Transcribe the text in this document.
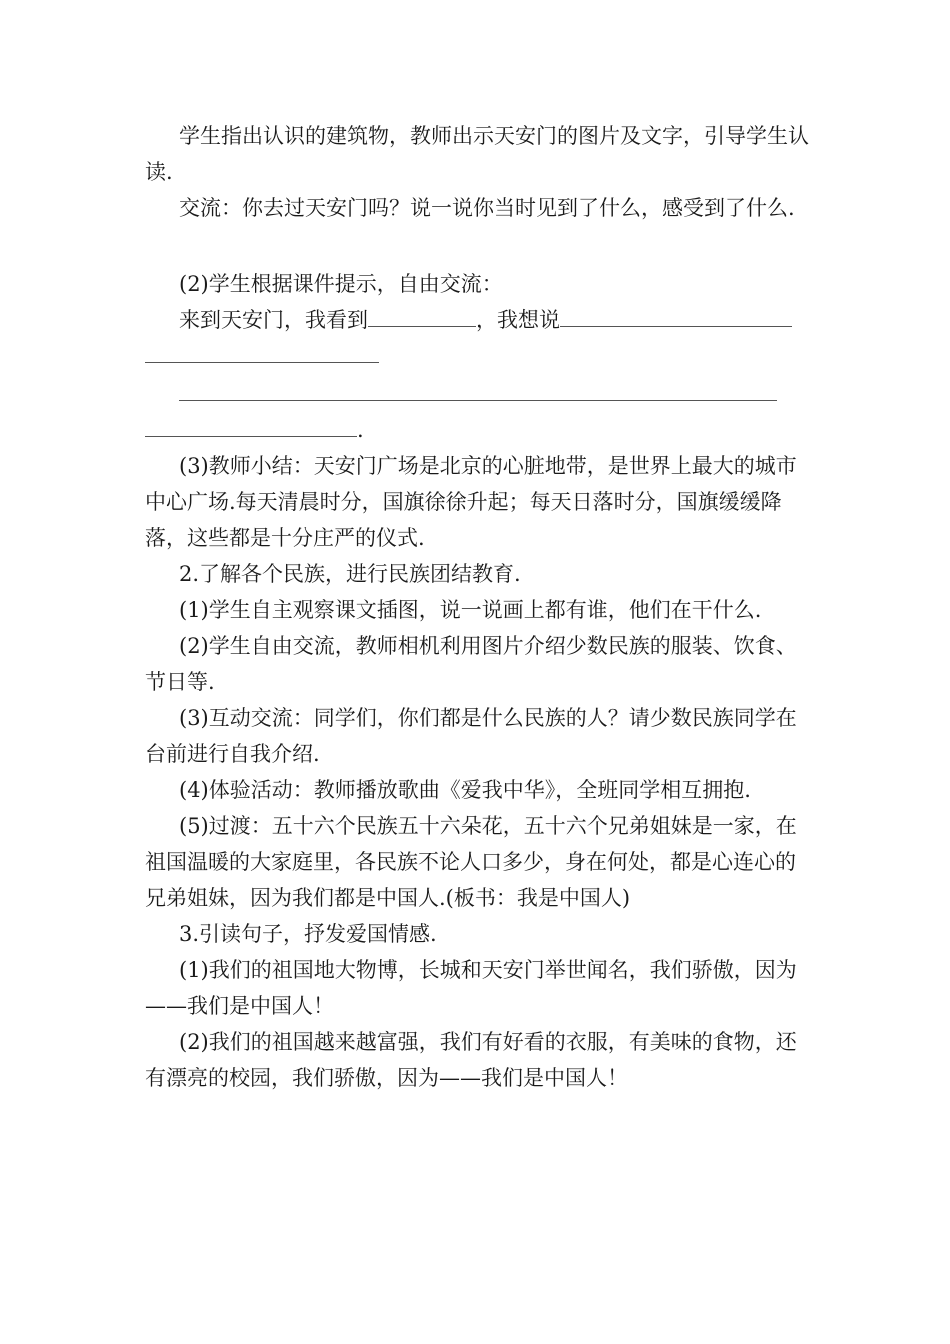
学生指出认识的建筑物，教师出示天安门的图片及文字，引导学生认读.

交流：你去过天安门吗？说一说你当时见到了什么，感受到了什么.

(2)学生根据课件提示，自由交流：

来到天安门，我看到	，我想说
.

(3)教师小结：天安门广场是北京的心脏地带，是世界上最大的城市中心广场.每天清晨时分，国旗徐徐升起；每天日落时分，国旗缓缓降落，这些都是十分庄严的仪式.

2.了解各个民族，进行民族团结教育.

(1)学生自主观察课文插图，说一说画上都有谁，他们在干什么.

(2)学生自由交流，教师相机利用图片介绍少数民族的服装、饮食、节日等.

(3)互动交流：同学们，你们都是什么民族的人？请少数民族同学在台前进行自我介绍.

(4)体验活动：教师播放歌曲《爱我中华》，全班同学相互拥抱.

(5)过渡：五十六个民族五十六朵花，五十六个兄弟姐妹是一家，在祖国温暖的大家庭里，各民族不论人口多少，身在何处，都是心连心的兄弟姐妹，因为我们都是中国人.(板书：我是中国人)

3.引读句子，抒发爱国情感.

(1)我们的祖国地大物博，长城和天安门举世闻名，我们骄傲，因为——我们是中国人！

(2)我们的祖国越来越富强，我们有好看的衣服，有美味的食物，还有漂亮的校园，我们骄傲，因为——我们是中国人！
